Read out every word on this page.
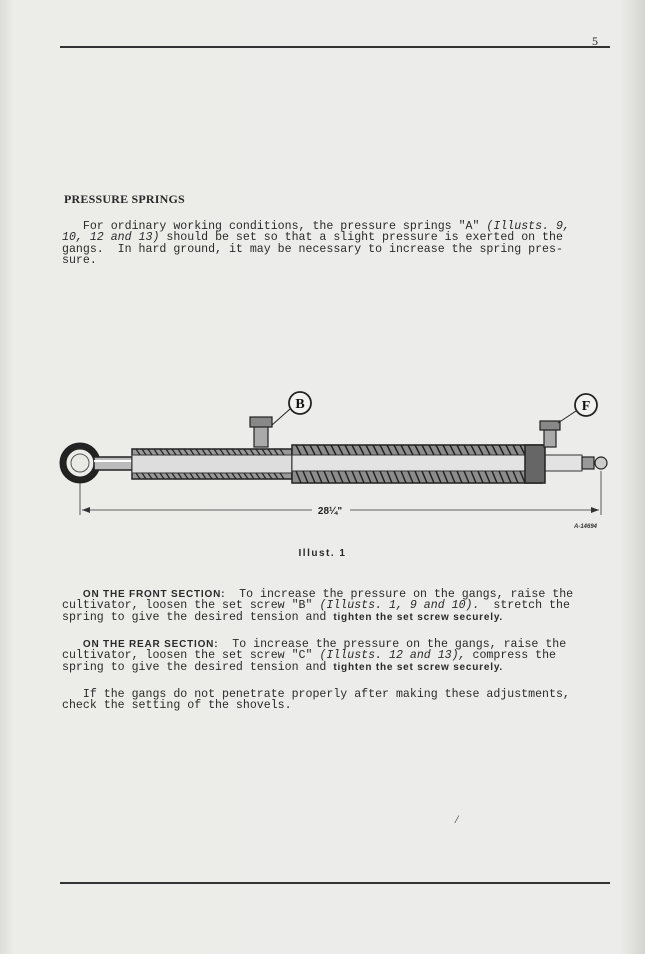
5
PRESSURE SPRINGS
For ordinary working conditions, the pressure springs "A" (Illusts. 9,
10, 12 and 13) should be set so that a slight pressure is exerted on the
gangs.  In hard ground, it may be necessary to increase the spring pres-
sure.
B	F
28¼"
A-14694
Illust. 1
ON THE FRONT SECTION:  To increase the pressure on the gangs, raise the
cultivator, loosen the set screw "B" (Illusts. 1, 9 and 10).  stretch the
spring to give the desired tension and tighten the set screw securely.
ON THE REAR SECTION:  To increase the pressure on the gangs, raise the
cultivator, loosen the set screw "C" (Illusts. 12 and 13), compress the
spring to give the desired tension and tighten the set screw securely.
If the gangs do not penetrate properly after making these adjustments,
check the setting of the shovels.
/
